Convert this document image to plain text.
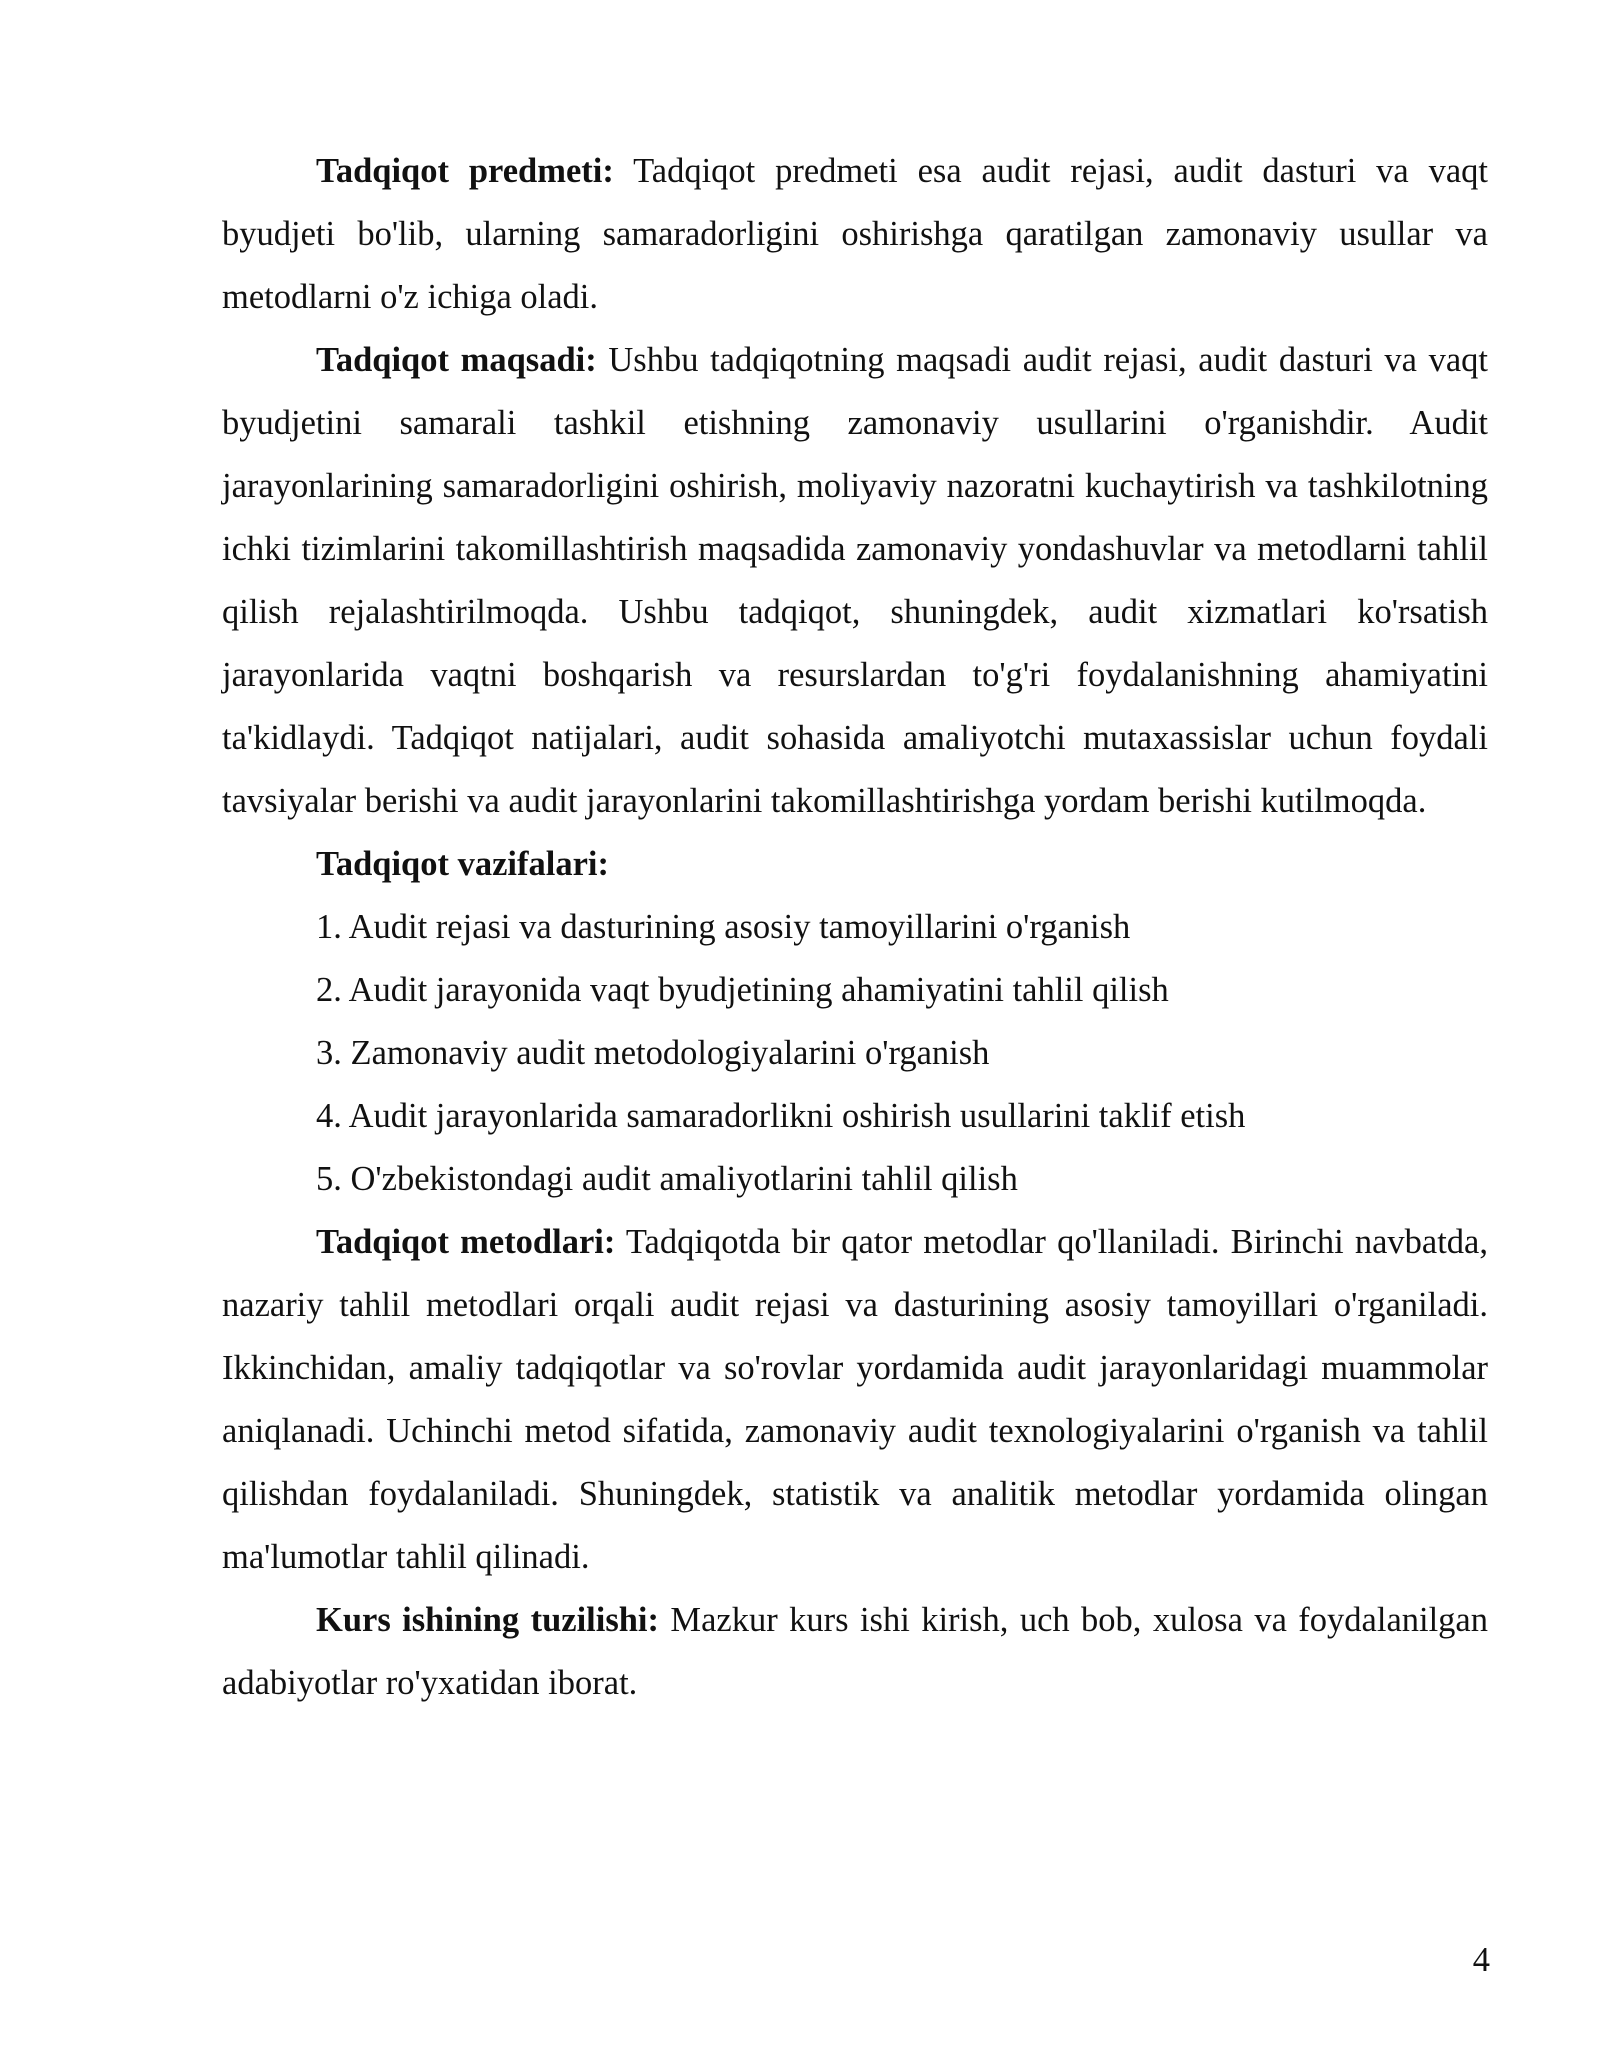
Tadqiqot predmeti: Tadqiqot predmeti esa audit rejasi, audit dasturi va vaqt byudjeti bo'lib, ularning samaradorligini oshirishga qaratilgan zamonaviy usullar va metodlarni o'z ichiga oladi.

Tadqiqot maqsadi: Ushbu tadqiqotning maqsadi audit rejasi, audit dasturi va vaqt byudjetini samarali tashkil etishning zamonaviy usullarini o'rganishdir. Audit jarayonlarining samaradorligini oshirish, moliyaviy nazoratni kuchaytirish va tashkilotning ichki tizimlarini takomillashtirish maqsadida zamonaviy yondashuvlar va metodlarni tahlil qilish rejalashtirilmoqda. Ushbu tadqiqot, shuningdek, audit xizmatlari ko'rsatish jarayonlarida vaqtni boshqarish va resurslardan to'g'ri foydalanishning ahamiyatini ta'kidlaydi. Tadqiqot natijalari, audit sohasida amaliyotchi mutaxassislar uchun foydali tavsiyalar berishi va audit jarayonlarini takomillashtirishga yordam berishi kutilmoqda.

Tadqiqot vazifalari:

1. Audit rejasi va dasturining asosiy tamoyillarini o'rganish
2. Audit jarayonida vaqt byudjetining ahamiyatini tahlil qilish
3. Zamonaviy audit metodologiyalarini o'rganish
4. Audit jarayonlarida samaradorlikni oshirish usullarini taklif etish
5. O'zbekistondagi audit amaliyotlarini tahlil qilish

Tadqiqot metodlari: Tadqiqotda bir qator metodlar qo'llaniladi. Birinchi navbatda, nazariy tahlil metodlari orqali audit rejasi va dasturining asosiy tamoyillari o'rganiladi. Ikkinchidan, amaliy tadqiqotlar va so'rovlar yordamida audit jarayonlaridagi muammolar aniqlanadi. Uchinchi metod sifatida, zamonaviy audit texnologiyalarini o'rganish va tahlil qilishdan foydalaniladi. Shuningdek, statistik va analitik metodlar yordamida olingan ma'lumotlar tahlil qilinadi.

Kurs ishining tuzilishi: Mazkur kurs ishi kirish, uch bob, xulosa va foydalanilgan adabiyotlar ro'yxatidan iborat.

4
